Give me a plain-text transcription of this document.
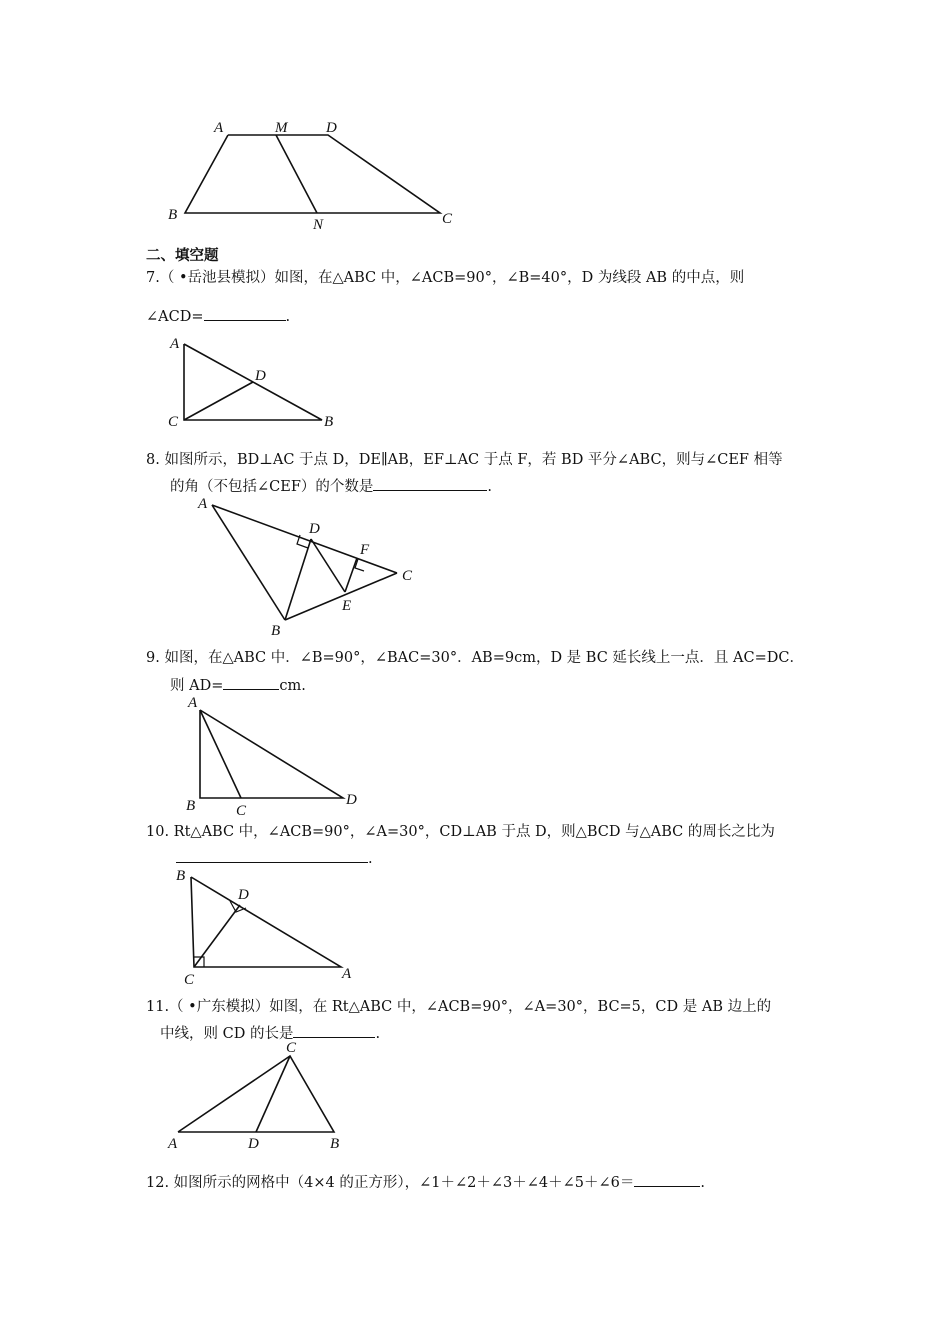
A	M	D
B
N	C
二、填空题
7.（ •岳池县模拟）如图，在△ABC 中，∠ACB=90°，∠B=40°，D 为线段 AB 的中点，则
∠ACD=	.
A
D
C	B
8. 如图所示，BD⊥AC 于点 D，DE∥AB，EF⊥AC 于点 F，若 BD 平分∠ABC，则与∠CEF 相等
的角（不包括∠CEF）的个数是	.
A
D
F
C
E
B
9. 如图，在△ABC 中．∠B=90°，∠BAC=30°．AB=9cm，D 是 BC 延长线上一点．且 AC=DC．
则 AD=	cm.
A
B	C
D
10. Rt△ABC 中，∠ACB=90°，∠A=30°，CD⊥AB 于点 D，则△BCD 与△ABC 的周长之比为
.
B
D
C	A
11.（ •广东模拟）如图，在 Rt△ABC 中，∠ACB=90°，∠A=30°，BC=5，CD 是 AB 边上的
中线，则 CD 的长是	.
C
A	D	B
12. 如图所示的网格中（4×4 的正方形），∠1＋∠2＋∠3＋∠4＋∠5＋∠6＝	.
